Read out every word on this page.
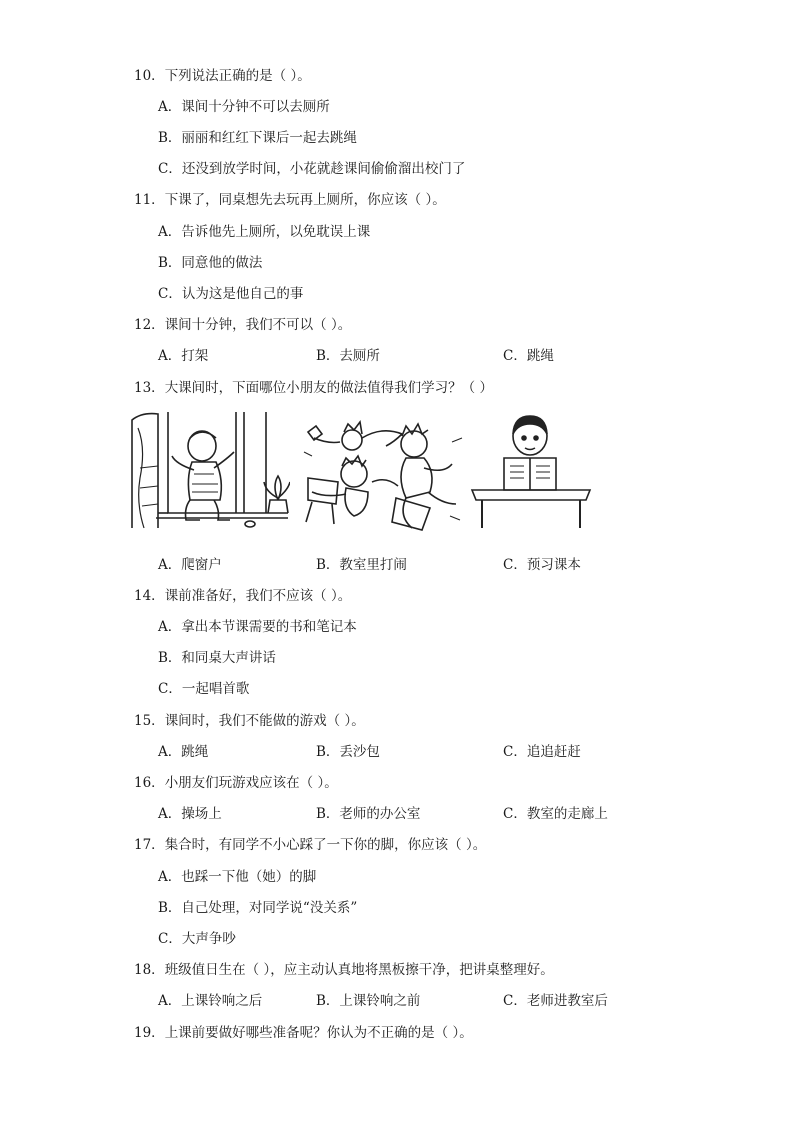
10．下列说法正确的是（ ）。
A．课间十分钟不可以去厕所
B．丽丽和红红下课后一起去跳绳
C．还没到放学时间，小花就趁课间偷偷溜出校门了
11．下课了，同桌想先去玩再上厕所，你应该（ ）。
A．告诉他先上厕所，以免耽误上课
B．同意他的做法
C．认为这是他自己的事
12．课间十分钟，我们不可以（ ）。
A．打架	B．去厕所	C．跳绳
13．大课间时，下面哪位小朋友的做法值得我们学习？（ ）
A．爬窗户	B．教室里打闹	C．预习课本
14．课前准备好，我们不应该（ ）。
A．拿出本节课需要的书和笔记本
B．和同桌大声讲话
C．一起唱首歌
15．课间时，我们不能做的游戏（ ）。
A．跳绳	B．丢沙包	C．追追赶赶
16．小朋友们玩游戏应该在（ ）。
A．操场上	B．老师的办公室	C．教室的走廊上
17．集合时，有同学不小心踩了一下你的脚，你应该（ ）。
A．也踩一下他（她）的脚
B．自己处理，对同学说“没关系”
C．大声争吵
18．班级值日生在（ ），应主动认真地将黑板擦干净，把讲桌整理好。
A．上课铃响之后	B．上课铃响之前	C．老师进教室后
19．上课前要做好哪些准备呢？你认为不正确的是（ ）。
